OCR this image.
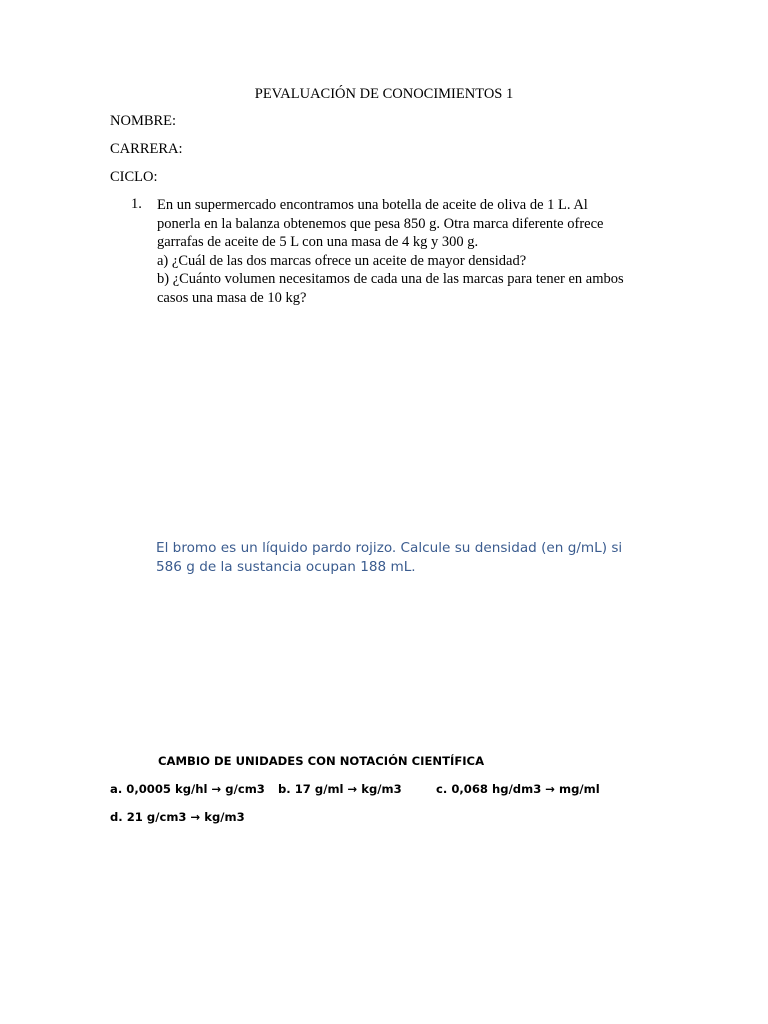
PEVALUACIÓN DE CONOCIMIENTOS 1
NOMBRE:
CARRERA:
CICLO:
1. En un supermercado encontramos una botella de aceite de oliva de 1 L. Al
ponerla en la balanza obtenemos que pesa 850 g. Otra marca diferente ofrece
garrafas de aceite de 5 L con una masa de 4 kg y 300 g.
a) ¿Cuál de las dos marcas ofrece un aceite de mayor densidad?
b) ¿Cuánto volumen necesitamos de cada una de las marcas para tener en ambos
casos una masa de 10 kg?
El bromo es un líquido pardo rojizo. Calcule su densidad (en g/mL) si
586 g de la sustancia ocupan 188 mL.
CAMBIO DE UNIDADES CON NOTACIÓN CIENTÍFICA
a. 0,0005 kg/hl → g/cm3 b. 17 g/ml → kg/m3	c. 0,068 hg/dm3 → mg/ml
d. 21 g/cm3 → kg/m3
